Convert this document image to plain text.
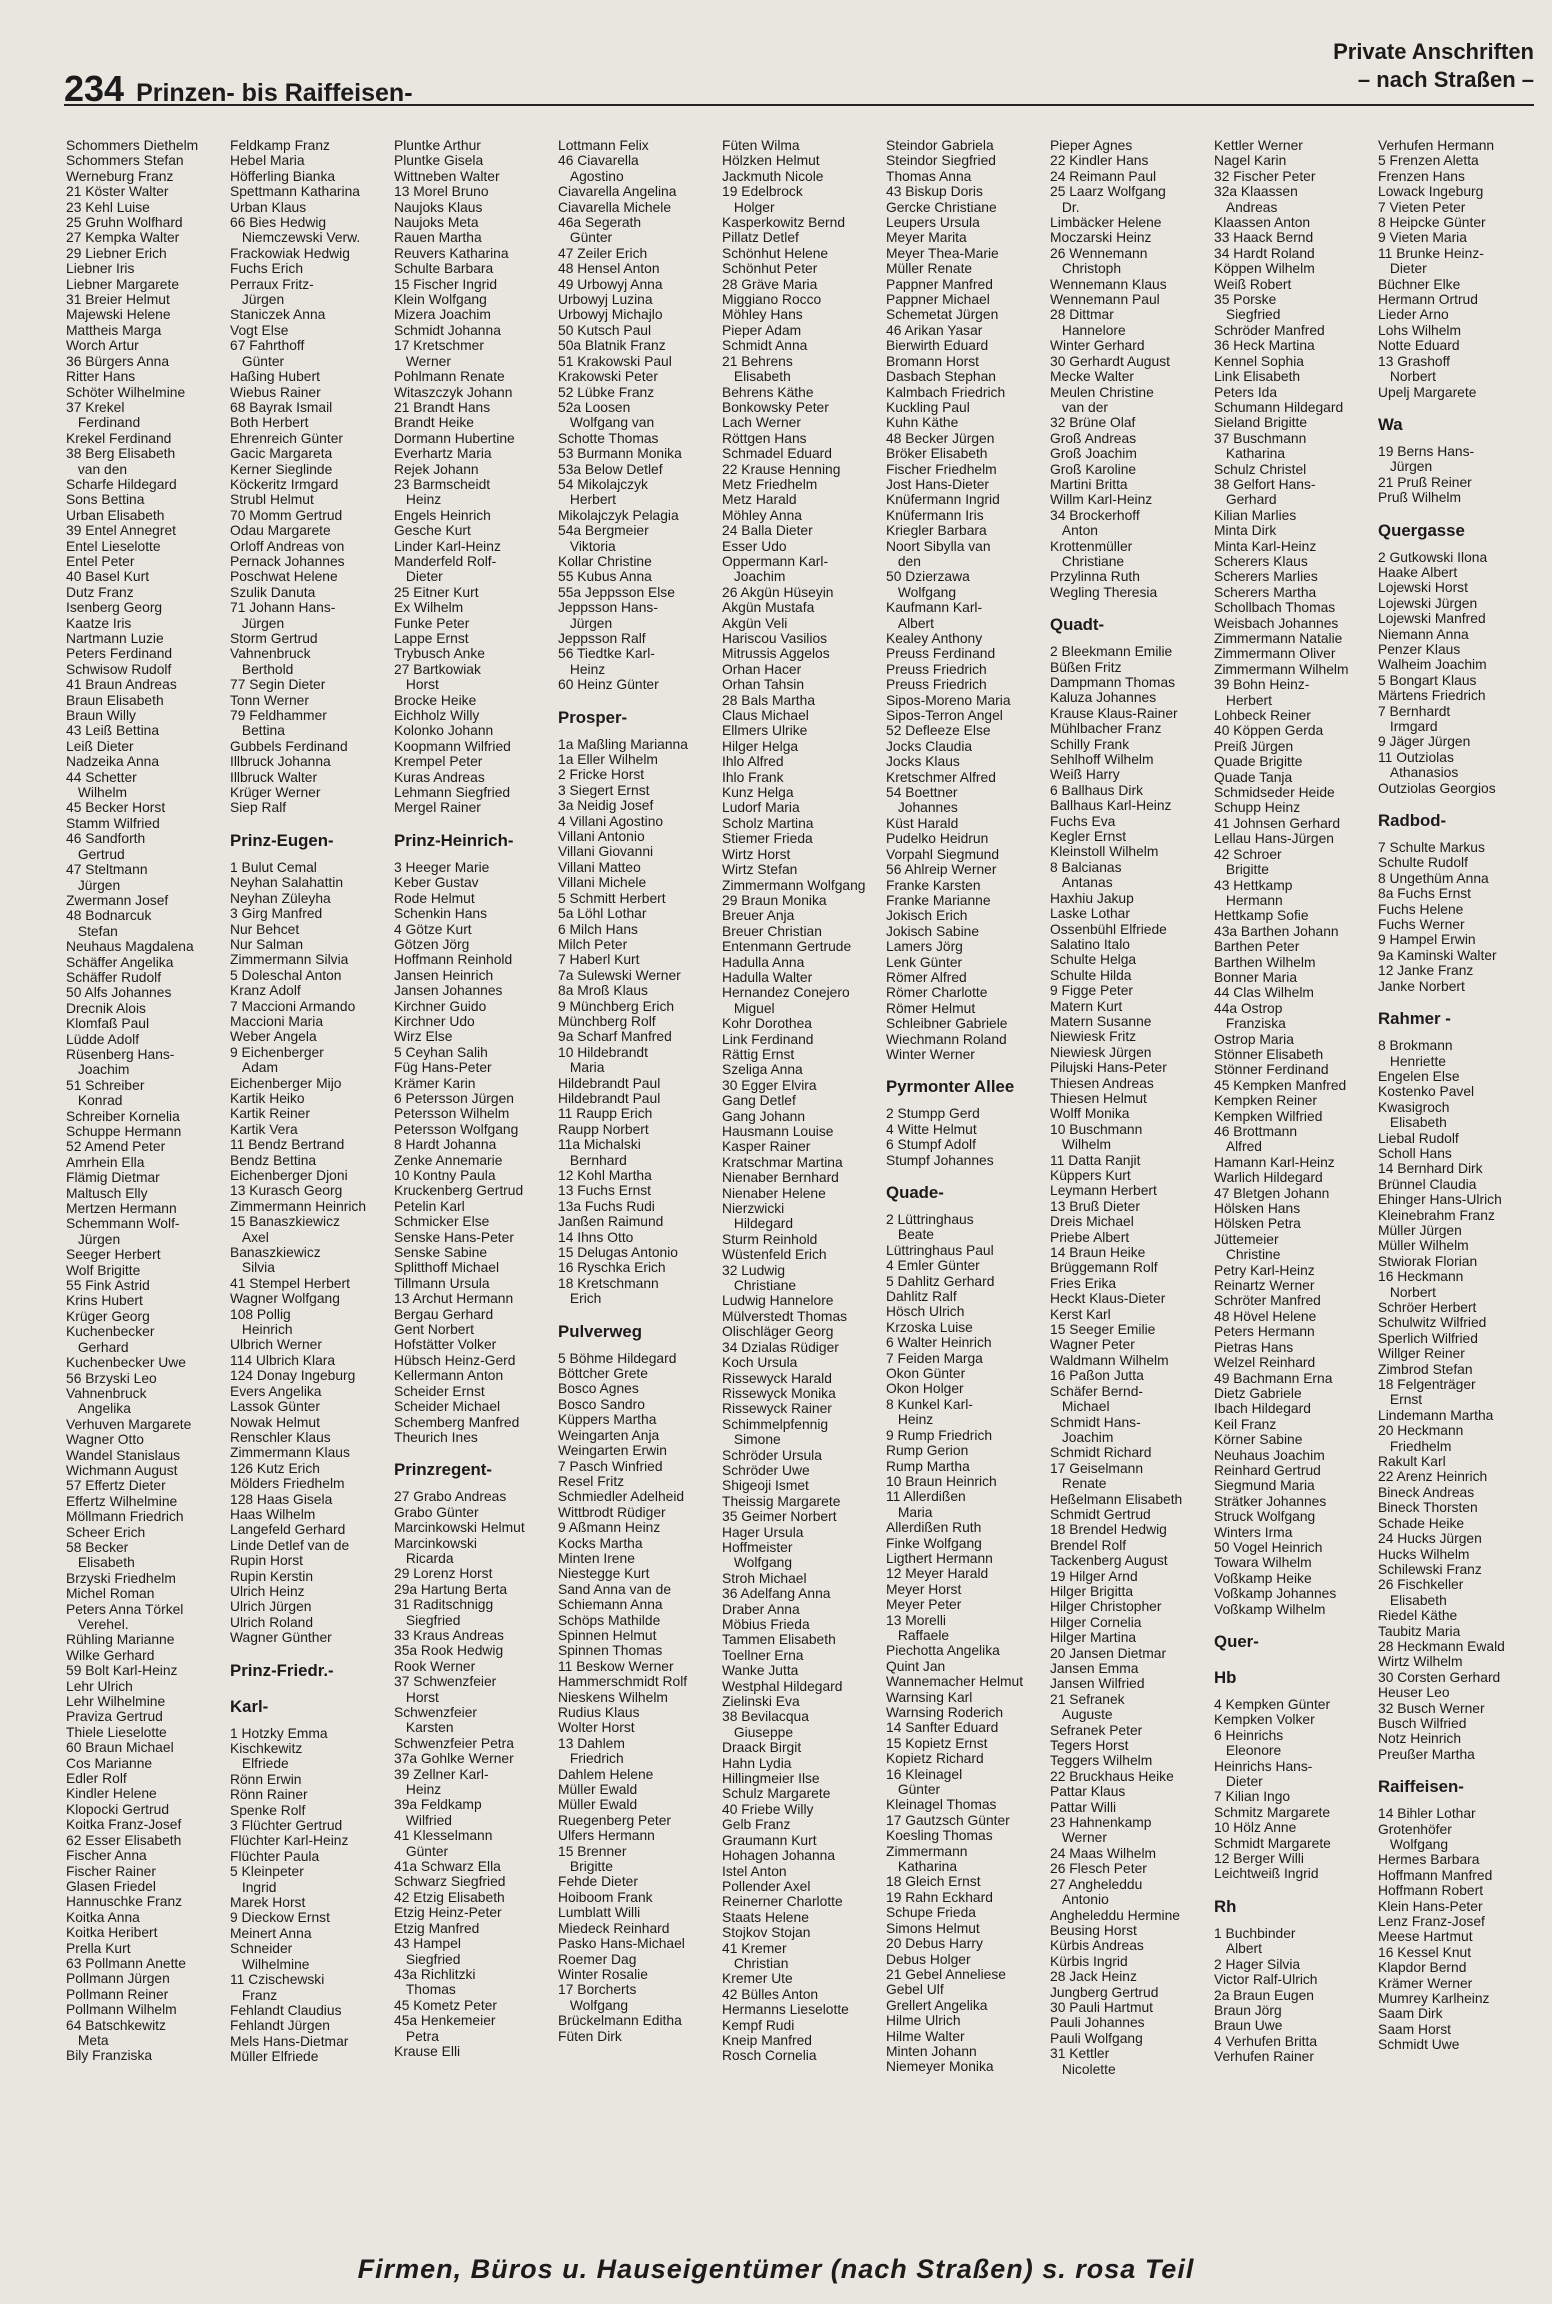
234 Prinzen- bis Raiffeisen-
Private Anschriften
– nach Straßen –
Schommers Diethelm
Schommers Stefan
Werneburg Franz
21 Köster Walter
23 Kehl Luise
25 Gruhn Wolfhard
27 Kempka Walter
29 Liebner Erich
Liebner Iris
Liebner Margarete
31 Breier Helmut
Majewski Helene
Mattheis Marga
Worch Artur
36 Bürgers Anna
Ritter Hans
Schöter Wilhelmine
37 Krekel
Ferdinand
Krekel Ferdinand
38 Berg Elisabeth
van den
Scharfe Hildegard
Sons Bettina
Urban Elisabeth
39 Entel Annegret
Entel Lieselotte
Entel Peter
40 Basel Kurt
Dutz Franz
Isenberg Georg
Kaatze Iris
Nartmann Luzie
Peters Ferdinand
Schwisow Rudolf
41 Braun Andreas
Braun Elisabeth
Braun Willy
43 Leiß Bettina
Leiß Dieter
Nadzeika Anna
44 Schetter
Wilhelm
45 Becker Horst
Stamm Wilfried
46 Sandforth
Gertrud
47 Steltmann
Jürgen
Zwermann Josef
48 Bodnarcuk
Stefan
Neuhaus Magdalena
Schäffer Angelika
Schäffer Rudolf
50 Alfs Johannes
Drecnik Alois
Klomfaß Paul
Lüdde Adolf
Rüsenberg Hans-
Joachim
51 Schreiber
Konrad
Schreiber Kornelia
Schuppe Hermann
52 Amend Peter
Amrhein Ella
Flämig Dietmar
Maltusch Elly
Mertzen Hermann
Schemmann Wolf-
Jürgen
Seeger Herbert
Wolf Brigitte
55 Fink Astrid
Krins Hubert
Krüger Georg
Kuchenbecker
Gerhard
Kuchenbecker Uwe
56 Brzyski Leo
Vahnenbruck
Angelika
Verhuven Margarete
Wagner Otto
Wandel Stanislaus
Wichmann August
57 Effertz Dieter
Effertz Wilhelmine
Möllmann Friedrich
Scheer Erich
58 Becker
Elisabeth
Brzyski Friedhelm
Michel Roman
Peters Anna Törkel
Verehel.
Rühling Marianne
Wilke Gerhard
59 Bolt Karl-Heinz
Lehr Ulrich
Lehr Wilhelmine
Praviza Gertrud
Thiele Lieselotte
60 Braun Michael
Cos Marianne
Edler Rolf
Kindler Helene
Klopocki Gertrud
Koitka Franz-Josef
62 Esser Elisabeth
Fischer Anna
Fischer Rainer
Glasen Friedel
Hannuschke Franz
Koitka Anna
Koitka Heribert
Prella Kurt
63 Pollmann Anette
Pollmann Jürgen
Pollmann Reiner
Pollmann Wilhelm
64 Batschkewitz
Meta
Bily Franziska
Feldkamp Franz
Hebel Maria
Höfferling Bianka
Spettmann Katharina
Urban Klaus
66 Bies Hedwig
Niemczewski Verw.
Frackowiak Hedwig
Fuchs Erich
Perraux Fritz-
Jürgen
Staniczek Anna
Vogt Else
67 Fahrthoff
Günter
Haßing Hubert
Wiebus Rainer
68 Bayrak Ismail
Both Herbert
Ehrenreich Günter
Gacic Margareta
Kerner Sieglinde
Köckeritz Irmgard
Strubl Helmut
70 Momm Gertrud
Odau Margarete
Orloff Andreas von
Pernack Johannes
Poschwat Helene
Szulik Danuta
71 Johann Hans-
Jürgen
Storm Gertrud
Vahnenbruck
Berthold
77 Segin Dieter
Tonn Werner
79 Feldhammer
Bettina
Gubbels Ferdinand
Illbruck Johanna
Illbruck Walter
Krüger Werner
Siep Ralf
Prinz-Eugen-
1 Bulut Cemal
Neyhan Salahattin
Neyhan Züleyha
3 Girg Manfred
Nur Behcet
Nur Salman
Zimmermann Silvia
5 Doleschal Anton
Kranz Adolf
7 Maccioni Armando
Maccioni Maria
Weber Angela
9 Eichenberger
Adam
Eichenberger Mijo
Kartik Heiko
Kartik Reiner
Kartik Vera
11 Bendz Bertrand
Bendz Bettina
Eichenberger Djoni
13 Kurasch Georg
Zimmermann Heinrich
15 Banaszkiewicz
Axel
Banaszkiewicz
Silvia
41 Stempel Herbert
Wagner Wolfgang
108 Pollig
Heinrich
Ulbrich Werner
114 Ulbrich Klara
124 Donay Ingeburg
Evers Angelika
Lassok Günter
Nowak Helmut
Renschler Klaus
Zimmermann Klaus
126 Kutz Erich
Mölders Friedhelm
128 Haas Gisela
Haas Wilhelm
Langefeld Gerhard
Linde Detlef van de
Rupin Horst
Rupin Kerstin
Ulrich Heinz
Ulrich Jürgen
Ulrich Roland
Wagner Günther
Prinz-Friedr.-
Karl-
1 Hotzky Emma
Kischkewitz
Elfriede
Rönn Erwin
Rönn Rainer
Spenke Rolf
3 Flüchter Gertrud
Flüchter Karl-Heinz
Flüchter Paula
5 Kleinpeter
Ingrid
Marek Horst
9 Dieckow Ernst
Meinert Anna
Schneider
Wilhelmine
11 Czischewski
Franz
Fehlandt Claudius
Fehlandt Jürgen
Mels Hans-Dietmar
Müller Elfriede
Pluntke Arthur
Pluntke Gisela
Wittneben Walter
13 Morel Bruno
Naujoks Klaus
Naujoks Meta
Rauen Martha
Reuvers Katharina
Schulte Barbara
15 Fischer Ingrid
Klein Wolfgang
Mizera Joachim
Schmidt Johanna
17 Kretschmer
Werner
Pohlmann Renate
Witaszczyk Johann
21 Brandt Hans
Brandt Heike
Dormann Hubertine
Everhartz Maria
Rejek Johann
23 Barmscheidt
Heinz
Engels Heinrich
Gesche Kurt
Linder Karl-Heinz
Manderfeld Rolf-
Dieter
25 Eitner Kurt
Ex Wilhelm
Funke Peter
Lappe Ernst
Trybusch Anke
27 Bartkowiak
Horst
Brocke Heike
Eichholz Willy
Kolonko Johann
Koopmann Wilfried
Krempel Peter
Kuras Andreas
Lehmann Siegfried
Mergel Rainer
Prinz-Heinrich-
3 Heeger Marie
Keber Gustav
Rode Helmut
Schenkin Hans
4 Götze Kurt
Götzen Jörg
Hoffmann Reinhold
Jansen Heinrich
Jansen Johannes
Kirchner Guido
Kirchner Udo
Wirz Else
5 Ceyhan Salih
Füg Hans-Peter
Krämer Karin
6 Petersson Jürgen
Petersson Wilhelm
Petersson Wolfgang
8 Hardt Johanna
Zenke Annemarie
10 Kontny Paula
Kruckenberg Gertrud
Petelin Karl
Schmicker Else
Senske Hans-Peter
Senske Sabine
Splitthoff Michael
Tillmann Ursula
13 Archut Hermann
Bergau Gerhard
Gent Norbert
Hofstätter Volker
Hübsch Heinz-Gerd
Kellermann Anton
Scheider Ernst
Scheider Michael
Schemberg Manfred
Theurich Ines
Prinzregent-
27 Grabo Andreas
Grabo Günter
Marcinkowski Helmut
Marcinkowski
Ricarda
29 Lorenz Horst
29a Hartung Berta
31 Raditschnigg
Siegfried
33 Kraus Andreas
35a Rook Hedwig
Rook Werner
37 Schwenzfeier
Horst
Schwenzfeier
Karsten
Schwenzfeier Petra
37a Gohlke Werner
39 Zellner Karl-
Heinz
39a Feldkamp
Wilfried
41 Klesselmann
Günter
41a Schwarz Ella
Schwarz Siegfried
42 Etzig Elisabeth
Etzig Heinz-Peter
Etzig Manfred
43 Hampel
Siegfried
43a Richlitzki
Thomas
45 Kometz Peter
45a Henkemeier
Petra
Krause Elli
Lottmann Felix
46 Ciavarella
Agostino
Ciavarella Angelina
Ciavarella Michele
46a Segerath
Günter
47 Zeiler Erich
48 Hensel Anton
49 Urbowyj Anna
Urbowyj Luzina
Urbowyj Michajlo
50 Kutsch Paul
50a Blatnik Franz
51 Krakowski Paul
Krakowski Peter
52 Lübke Franz
52a Loosen
Wolfgang van
Schotte Thomas
53 Burmann Monika
53a Below Detlef
54 Mikolajczyk
Herbert
Mikolajczyk Pelagia
54a Bergmeier
Viktoria
Kollar Christine
55 Kubus Anna
55a Jeppsson Else
Jeppsson Hans-
Jürgen
Jeppsson Ralf
56 Tiedtke Karl-
Heinz
60 Heinz Günter
Prosper-
1a Maßling Marianna
1a Eller Wilhelm
2 Fricke Horst
3 Siegert Ernst
3a Neidig Josef
4 Villani Agostino
Villani Antonio
Villani Giovanni
Villani Matteo
Villani Michele
5 Schmitt Herbert
5a Löhl Lothar
6 Milch Hans
Milch Peter
7 Haberl Kurt
7a Sulewski Werner
8a Mroß Klaus
9 Münchberg Erich
Münchberg Rolf
9a Scharf Manfred
10 Hildebrandt
Maria
Hildebrandt Paul
Hildebrandt Paul
11 Raupp Erich
Raupp Norbert
11a Michalski
Bernhard
12 Kohl Martha
13 Fuchs Ernst
13a Fuchs Rudi
Janßen Raimund
14 Ihns Otto
15 Delugas Antonio
16 Ryschka Erich
18 Kretschmann
Erich
Pulverweg
5 Böhme Hildegard
Böttcher Grete
Bosco Agnes
Bosco Sandro
Küppers Martha
Weingarten Anja
Weingarten Erwin
7 Pasch Winfried
Resel Fritz
Schmiedler Adelheid
Wittbrodt Rüdiger
9 Aßmann Heinz
Kocks Martha
Minten Irene
Niestegge Kurt
Sand Anna van de
Schiemann Anna
Schöps Mathilde
Spinnen Helmut
Spinnen Thomas
11 Beskow Werner
Hammerschmidt Rolf
Nieskens Wilhelm
Rudius Klaus
Wolter Horst
13 Dahlem
Friedrich
Dahlem Helene
Müller Ewald
Müller Ewald
Ruegenberg Peter
Ulfers Hermann
15 Brenner
Brigitte
Fehde Dieter
Hoiboom Frank
Lumblatt Willi
Miedeck Reinhard
Pasko Hans-Michael
Roemer Dag
Winter Rosalie
17 Borcherts
Wolfgang
Brückelmann Editha
Füten Dirk
Füten Wilma
Hölzken Helmut
Jackmuth Nicole
19 Edelbrock
Holger
Kasperkowitz Bernd
Pillatz Detlef
Schönhut Helene
Schönhut Peter
28 Gräve Maria
Miggiano Rocco
Möhley Hans
Pieper Adam
Schmidt Anna
21 Behrens
Elisabeth
Behrens Käthe
Bonkowsky Peter
Lach Werner
Röttgen Hans
Schmadel Eduard
22 Krause Henning
Metz Friedhelm
Metz Harald
Möhley Anna
24 Balla Dieter
Esser Udo
Oppermann Karl-
Joachim
26 Akgün Hüseyin
Akgün Mustafa
Akgün Veli
Hariscou Vasilios
Mitrussis Aggelos
Orhan Hacer
Orhan Tahsin
28 Bals Martha
Claus Michael
Ellmers Ulrike
Hilger Helga
Ihlo Alfred
Ihlo Frank
Kunz Helga
Ludorf Maria
Scholz Martina
Stiemer Frieda
Wirtz Horst
Wirtz Stefan
Zimmermann Wolfgang
29 Braun Monika
Breuer Anja
Breuer Christian
Entenmann Gertrude
Hadulla Anna
Hadulla Walter
Hernandez Conejero
Miguel
Kohr Dorothea
Link Ferdinand
Rättig Ernst
Szeliga Anna
30 Egger Elvira
Gang Detlef
Gang Johann
Hausmann Louise
Kasper Rainer
Kratschmar Martina
Nienaber Bernhard
Nienaber Helene
Nierzwicki
Hildegard
Sturm Reinhold
Wüstenfeld Erich
32 Ludwig
Christiane
Ludwig Hannelore
Mülverstedt Thomas
Olischläger Georg
34 Dzialas Rüdiger
Koch Ursula
Rissewyck Harald
Rissewyck Monika
Rissewyck Rainer
Schimmelpfennig
Simone
Schröder Ursula
Schröder Uwe
Shigeoji Ismet
Theissig Margarete
35 Geimer Norbert
Hager Ursula
Hoffmeister
Wolfgang
Stroh Michael
36 Adelfang Anna
Draber Anna
Möbius Frieda
Tammen Elisabeth
Toellner Erna
Wanke Jutta
Westphal Hildegard
Zielinski Eva
38 Bevilacqua
Giuseppe
Draack Birgit
Hahn Lydia
Hillingmeier Ilse
Schulz Margarete
40 Friebe Willy
Gelb Franz
Graumann Kurt
Hohagen Johanna
Istel Anton
Pollender Axel
Reinerner Charlotte
Staats Helene
Stojkov Stojan
41 Kremer
Christian
Kremer Ute
42 Bülles Anton
Hermanns Lieselotte
Kempf Rudi
Kneip Manfred
Rosch Cornelia
Steindor Gabriela
Steindor Siegfried
Thomas Anna
43 Biskup Doris
Gercke Christiane
Leupers Ursula
Meyer Marita
Meyer Thea-Marie
Müller Renate
Pappner Manfred
Pappner Michael
Schemetat Jürgen
46 Arikan Yasar
Bierwirth Eduard
Bromann Horst
Dasbach Stephan
Kalmbach Friedrich
Kuckling Paul
Kuhn Käthe
48 Becker Jürgen
Bröker Elisabeth
Fischer Friedhelm
Jost Hans-Dieter
Knüfermann Ingrid
Knüfermann Iris
Kriegler Barbara
Noort Sibylla van
den
50 Dzierzawa
Wolfgang
Kaufmann Karl-
Albert
Kealey Anthony
Preuss Ferdinand
Preuss Friedrich
Preuss Friedrich
Sipos-Moreno Maria
Sipos-Terron Angel
52 Defleeze Else
Jocks Claudia
Jocks Klaus
Kretschmer Alfred
54 Boettner
Johannes
Küst Harald
Pudelko Heidrun
Vorpahl Siegmund
56 Ahlreip Werner
Franke Karsten
Franke Marianne
Jokisch Erich
Jokisch Sabine
Lamers Jörg
Lenk Günter
Römer Alfred
Römer Charlotte
Römer Helmut
Schleibner Gabriele
Wiechmann Roland
Winter Werner
Pyrmonter Allee
2 Stumpp Gerd
4 Witte Helmut
6 Stumpf Adolf
Stumpf Johannes
Quade-
2 Lüttringhaus
Beate
Lüttringhaus Paul
4 Emler Günter
5 Dahlitz Gerhard
Dahlitz Ralf
Hösch Ulrich
Krzoska Luise
6 Walter Heinrich
7 Feiden Marga
Okon Günter
Okon Holger
8 Kunkel Karl-
Heinz
9 Rump Friedrich
Rump Gerion
Rump Martha
10 Braun Heinrich
11 Allerdißen
Maria
Allerdißen Ruth
Finke Wolfgang
Ligthert Hermann
12 Meyer Harald
Meyer Horst
Meyer Peter
13 Morelli
Raffaele
Piechotta Angelika
Quint Jan
Wannemacher Helmut
Warnsing Karl
Warnsing Roderich
14 Sanfter Eduard
15 Kopietz Ernst
Kopietz Richard
16 Kleinagel
Günter
Kleinagel Thomas
17 Gautzsch Günter
Koesling Thomas
Zimmermann
Katharina
18 Gleich Ernst
19 Rahn Eckhard
Schupe Frieda
Simons Helmut
20 Debus Harry
Debus Holger
21 Gebel Anneliese
Gebel Ulf
Grellert Angelika
Hilme Ulrich
Hilme Walter
Minten Johann
Niemeyer Monika
Pieper Agnes
22 Kindler Hans
24 Reimann Paul
25 Laarz Wolfgang
Dr.
Limbäcker Helene
Moczarski Heinz
26 Wennemann
Christoph
Wennemann Klaus
Wennemann Paul
28 Dittmar
Hannelore
Winter Gerhard
30 Gerhardt August
Mecke Walter
Meulen Christine
van der
32 Brüne Olaf
Groß Andreas
Groß Joachim
Groß Karoline
Martini Britta
Willm Karl-Heinz
34 Brockerhoff
Anton
Krottenmüller
Christiane
Przylinna Ruth
Wegling Theresia
Quadt-
2 Bleekmann Emilie
Büßen Fritz
Dampmann Thomas
Kaluza Johannes
Krause Klaus-Rainer
Mühlbacher Franz
Schilly Frank
Sehlhoff Wilhelm
Weiß Harry
6 Ballhaus Dirk
Ballhaus Karl-Heinz
Fuchs Eva
Kegler Ernst
Kleinstoll Wilhelm
8 Balcianas
Antanas
Haxhiu Jakup
Laske Lothar
Ossenbühl Elfriede
Salatino Italo
Schulte Helga
Schulte Hilda
9 Figge Peter
Matern Kurt
Matern Susanne
Niewiesk Fritz
Niewiesk Jürgen
Pilujski Hans-Peter
Thiesen Andreas
Thiesen Helmut
Wolff Monika
10 Buschmann
Wilhelm
11 Datta Ranjit
Küppers Kurt
Leymann Herbert
13 Bruß Dieter
Dreis Michael
Priebe Albert
14 Braun Heike
Brüggemann Rolf
Fries Erika
Heckt Klaus-Dieter
Kerst Karl
15 Seeger Emilie
Wagner Peter
Waldmann Wilhelm
16 Paßon Jutta
Schäfer Bernd-
Michael
Schmidt Hans-
Joachim
Schmidt Richard
17 Geiselmann
Renate
Heßelmann Elisabeth
Schmidt Gertrud
18 Brendel Hedwig
Brendel Rolf
Tackenberg August
19 Hilger Arnd
Hilger Brigitta
Hilger Christopher
Hilger Cornelia
Hilger Martina
20 Jansen Dietmar
Jansen Emma
Jansen Wilfried
21 Sefranek
Auguste
Sefranek Peter
Tegers Horst
Teggers Wilhelm
22 Bruckhaus Heike
Pattar Klaus
Pattar Willi
23 Hahnenkamp
Werner
24 Maas Wilhelm
26 Flesch Peter
27 Angheleddu
Antonio
Angheleddu Hermine
Beusing Horst
Kürbis Andreas
Kürbis Ingrid
28 Jack Heinz
Jungberg Gertrud
30 Pauli Hartmut
Pauli Johannes
Pauli Wolfgang
31 Kettler
Nicolette
Kettler Werner
Nagel Karin
32 Fischer Peter
32a Klaassen
Andreas
Klaassen Anton
33 Haack Bernd
34 Hardt Roland
Köppen Wilhelm
Weiß Robert
35 Porske
Siegfried
Schröder Manfred
36 Heck Martina
Kennel Sophia
Link Elisabeth
Peters Ida
Schumann Hildegard
Sieland Brigitte
37 Buschmann
Katharina
Schulz Christel
38 Gelfort Hans-
Gerhard
Kilian Marlies
Minta Dirk
Minta Karl-Heinz
Scherers Klaus
Scherers Marlies
Scherers Martha
Schollbach Thomas
Weisbach Johannes
Zimmermann Natalie
Zimmermann Oliver
Zimmermann Wilhelm
39 Bohn Heinz-
Herbert
Lohbeck Reiner
40 Köppen Gerda
Preiß Jürgen
Quade Brigitte
Quade Tanja
Schmidseder Heide
Schupp Heinz
41 Johnsen Gerhard
Lellau Hans-Jürgen
42 Schroer
Brigitte
43 Hettkamp
Hermann
Hettkamp Sofie
43a Barthen Johann
Barthen Peter
Barthen Wilhelm
Bonner Maria
44 Clas Wilhelm
44a Ostrop
Franziska
Ostrop Maria
Stönner Elisabeth
Stönner Ferdinand
45 Kempken Manfred
Kempken Reiner
Kempken Wilfried
46 Brottmann
Alfred
Hamann Karl-Heinz
Warlich Hildegard
47 Bletgen Johann
Hölsken Hans
Hölsken Petra
Jüttemeier
Christine
Petry Karl-Heinz
Reinartz Werner
Schröter Manfred
48 Hövel Helene
Peters Hermann
Pietras Hans
Welzel Reinhard
49 Bachmann Erna
Dietz Gabriele
Ibach Hildegard
Keil Franz
Körner Sabine
Neuhaus Joachim
Reinhard Gertrud
Siegmund Maria
Strätker Johannes
Struck Wolfgang
Winters Irma
50 Vogel Heinrich
Towara Wilhelm
Voßkamp Heike
Voßkamp Johannes
Voßkamp Wilhelm
Quer-
Hb
4 Kempken Günter
Kempken Volker
6 Heinrichs
Eleonore
Heinrichs Hans-
Dieter
7 Kilian Ingo
Schmitz Margarete
10 Hölz Anne
Schmidt Margarete
12 Berger Willi
Leichtweiß Ingrid
Rh
1 Buchbinder
Albert
2 Hager Silvia
Victor Ralf-Ulrich
2a Braun Eugen
Braun Jörg
Braun Uwe
4 Verhufen Britta
Verhufen Rainer
Verhufen Hermann
5 Frenzen Aletta
Frenzen Hans
Lowack Ingeburg
7 Vieten Peter
8 Heipcke Günter
9 Vieten Maria
11 Brunke Heinz-
Dieter
Büchner Elke
Hermann Ortrud
Lieder Arno
Lohs Wilhelm
Notte Eduard
13 Grashoff
Norbert
Upelj Margarete
Wa
19 Berns Hans-
Jürgen
21 Pruß Reiner
Pruß Wilhelm
Quergasse
2 Gutkowski Ilona
Haake Albert
Lojewski Horst
Lojewski Jürgen
Lojewski Manfred
Niemann Anna
Penzer Klaus
Walheim Joachim
5 Bongart Klaus
Märtens Friedrich
7 Bernhardt
Irmgard
9 Jäger Jürgen
11 Outziolas
Athanasios
Outziolas Georgios
Radbod-
7 Schulte Markus
Schulte Rudolf
8 Ungethüm Anna
8a Fuchs Ernst
Fuchs Helene
Fuchs Werner
9 Hampel Erwin
9a Kaminski Walter
12 Janke Franz
Janke Norbert
Rahmer -
8 Brokmann
Henriette
Engelen Else
Kostenko Pavel
Kwasigroch
Elisabeth
Liebal Rudolf
Scholl Hans
14 Bernhard Dirk
Brünnel Claudia
Ehinger Hans-Ulrich
Kleinebrahm Franz
Müller Jürgen
Müller Wilhelm
Stwiorak Florian
16 Heckmann
Norbert
Schröer Herbert
Schulwitz Wilfried
Sperlich Wilfried
Willger Reiner
Zimbrod Stefan
18 Felgenträger
Ernst
Lindemann Martha
20 Heckmann
Friedhelm
Rakult Karl
22 Arenz Heinrich
Bineck Andreas
Bineck Thorsten
Schade Heike
24 Hucks Jürgen
Hucks Wilhelm
Schilewski Franz
26 Fischkeller
Elisabeth
Riedel Käthe
Taubitz Maria
28 Heckmann Ewald
Wirtz Wilhelm
30 Corsten Gerhard
Heuser Leo
32 Busch Werner
Busch Wilfried
Notz Heinrich
Preußer Martha
Raiffeisen-
14 Bihler Lothar
Grotenhöfer
Wolfgang
Hermes Barbara
Hoffmann Manfred
Hoffmann Robert
Klein Hans-Peter
Lenz Franz-Josef
Meese Hartmut
16 Kessel Knut
Klapdor Bernd
Krämer Werner
Mumrey Karlheinz
Saam Dirk
Saam Horst
Schmidt Uwe
Firmen, Büros u. Hauseigentümer (nach Straßen) s. rosa Teil
